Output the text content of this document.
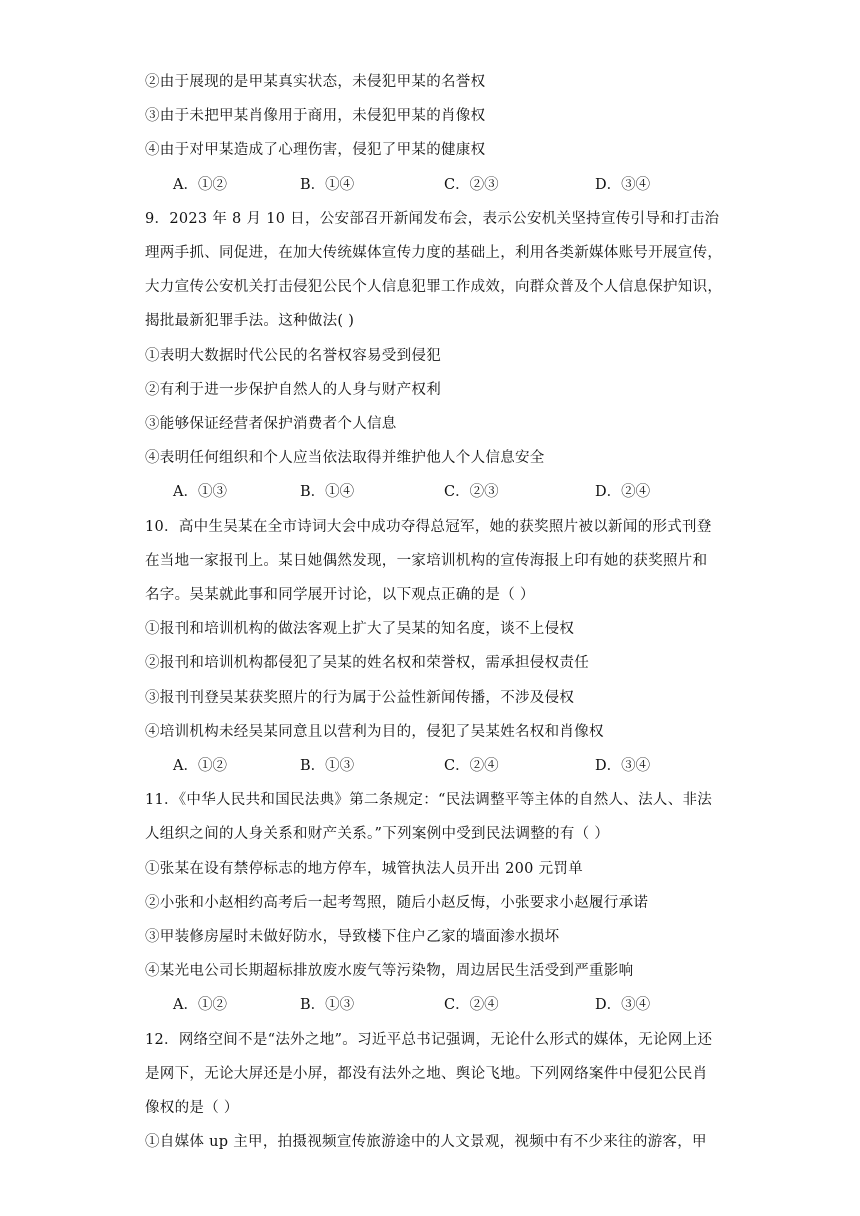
②由于展现的是甲某真实状态，未侵犯甲某的名誉权
③由于未把甲某肖像用于商用，未侵犯甲某的肖像权
④由于对甲某造成了心理伤害，侵犯了甲某的健康权
A．①②	B．①④	C．②③	D．③④
9．2023 年 8 月 10 日，公安部召开新闻发布会，表示公安机关坚持宣传引导和打击治
理两手抓、同促进，在加大传统媒体宣传力度的基础上，利用各类新媒体账号开展宣传，
大力宣传公安机关打击侵犯公民个人信息犯罪工作成效，向群众普及个人信息保护知识，
揭批最新犯罪手法。这种做法( )
①表明大数据时代公民的名誉权容易受到侵犯
②有利于进一步保护自然人的人身与财产权利
③能够保证经营者保护消费者个人信息
④表明任何组织和个人应当依法取得并维护他人个人信息安全
A．①③	B．①④	C．②③	D．②④
10．高中生吴某在全市诗词大会中成功夺得总冠军，她的获奖照片被以新闻的形式刊登
在当地一家报刊上。某日她偶然发现，一家培训机构的宣传海报上印有她的获奖照片和
名字。吴某就此事和同学展开讨论，以下观点正确的是（ ）
①报刊和培训机构的做法客观上扩大了吴某的知名度，谈不上侵权
②报刊和培训机构都侵犯了吴某的姓名权和荣誉权，需承担侵权责任
③报刊刊登吴某获奖照片的行为属于公益性新闻传播，不涉及侵权
④培训机构未经吴某同意且以营利为目的，侵犯了吴某姓名权和肖像权
A．①②	B．①③	C．②④	D．③④
11．《中华人民共和国民法典》第二条规定：“民法调整平等主体的自然人、法人、非法
人组织之间的人身关系和财产关系。”下列案例中受到民法调整的有（ ）
①张某在设有禁停标志的地方停车，城管执法人员开出 200 元罚单
②小张和小赵相约高考后一起考驾照，随后小赵反悔，小张要求小赵履行承诺
③甲装修房屋时未做好防水，导致楼下住户乙家的墙面渗水损坏
④某光电公司长期超标排放废水废气等污染物，周边居民生活受到严重影响
A．①②	B．①③	C．②④	D．③④
12．网络空间不是“法外之地”。习近平总书记强调，无论什么形式的媒体，无论网上还
是网下，无论大屏还是小屏，都没有法外之地、舆论飞地。下列网络案件中侵犯公民肖
像权的是（ ）
①自媒体 up 主甲，拍摄视频宣传旅游途中的人文景观，视频中有不少来往的游客，甲
